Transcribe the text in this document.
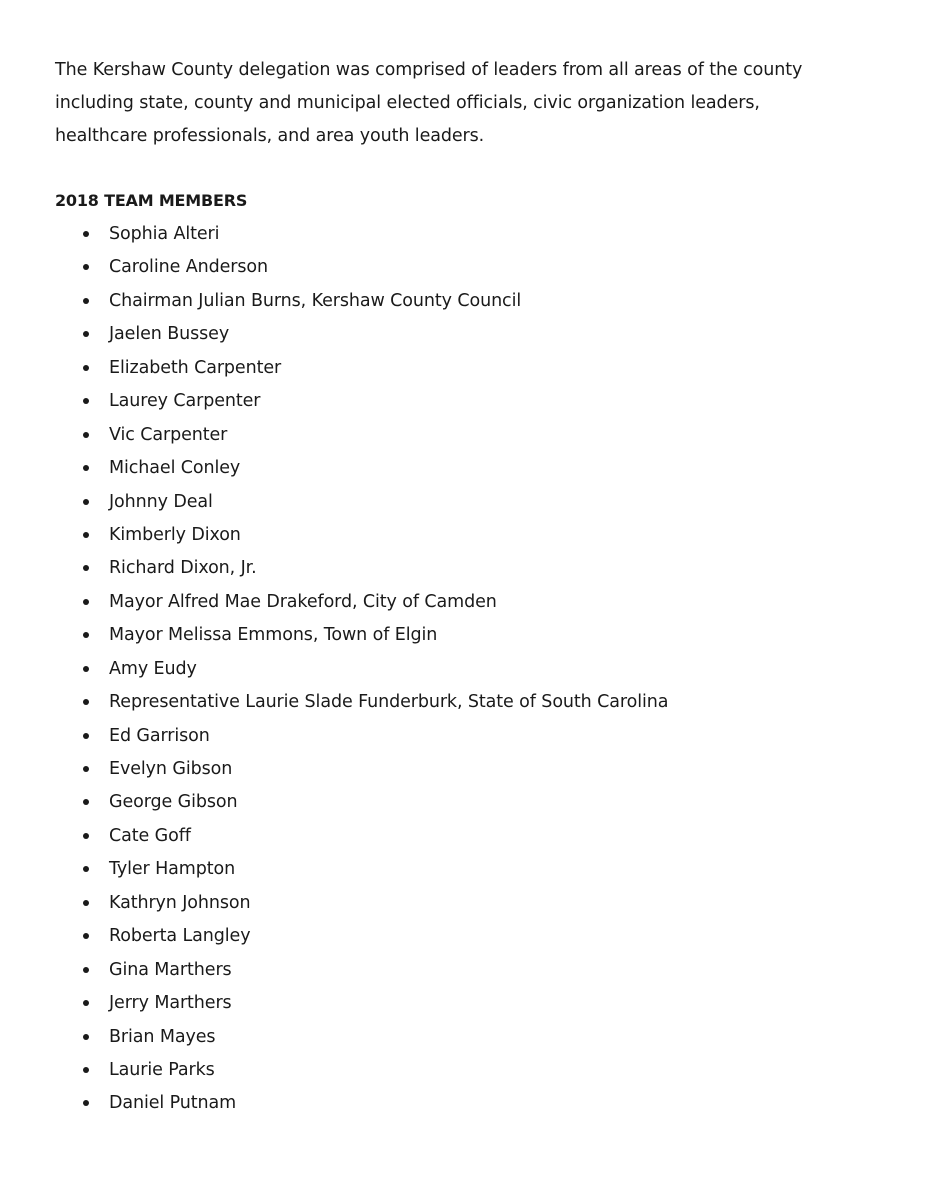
The Kershaw County delegation was comprised of leaders from all areas of the county
including state, county and municipal elected officials, civic organization leaders,
healthcare professionals, and area youth leaders.

2018 TEAM MEMBERS
Sophia Alteri
Caroline Anderson
Chairman Julian Burns, Kershaw County Council
Jaelen Bussey
Elizabeth Carpenter
Laurey Carpenter
Vic Carpenter
Michael Conley
Johnny Deal
Kimberly Dixon
Richard Dixon, Jr.
Mayor Alfred Mae Drakeford, City of Camden
Mayor Melissa Emmons, Town of Elgin
Amy Eudy
Representative Laurie Slade Funderburk, State of South Carolina
Ed Garrison
Evelyn Gibson
George Gibson
Cate Goff
Tyler Hampton
Kathryn Johnson
Roberta Langley
Gina Marthers
Jerry Marthers
Brian Mayes
Laurie Parks
Daniel Putnam
